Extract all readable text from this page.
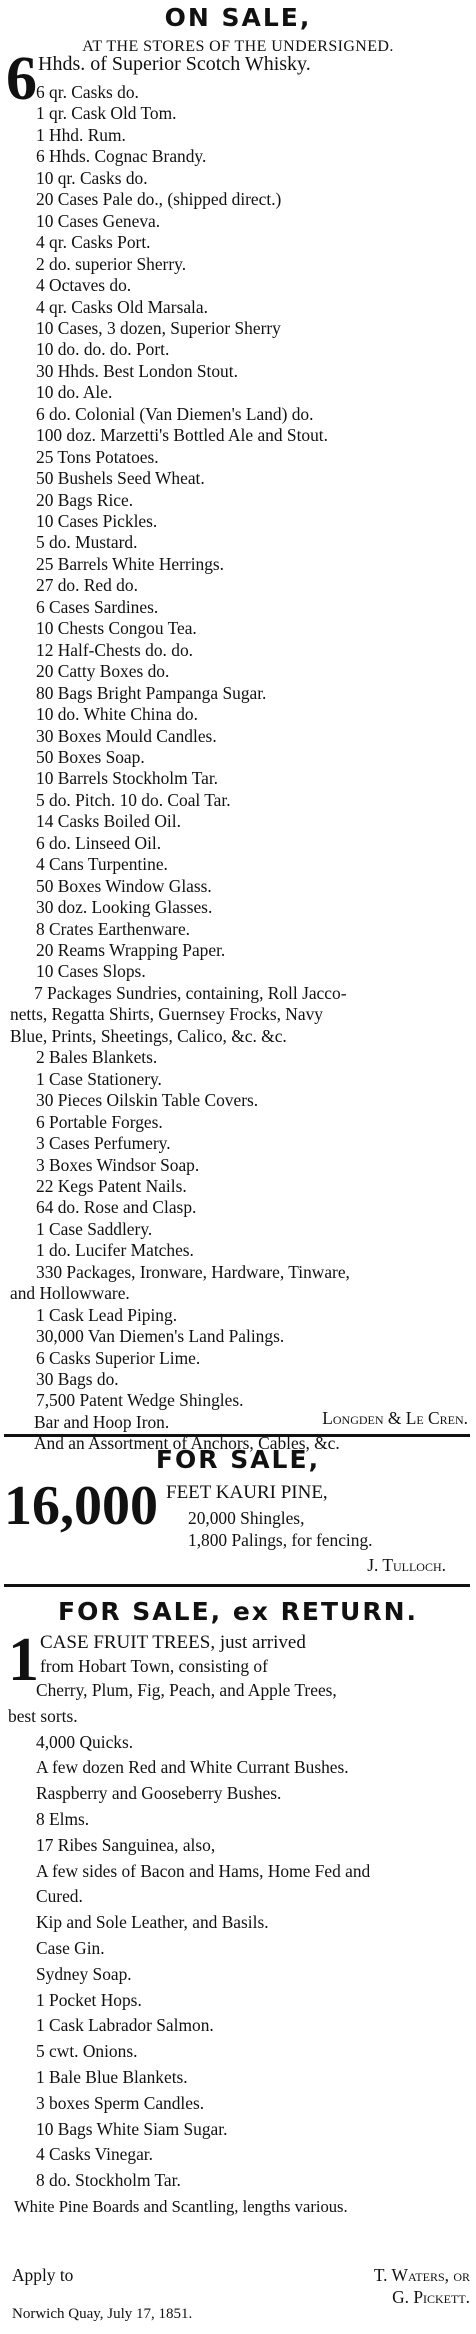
ON SALE,
AT THE STORES OF THE UNDERSIGNED.
6 Hhds. of Superior Scotch Whisky.
6 qr. Casks do.
1 qr. Cask Old Tom.
1 Hhd. Rum.
6 Hhds. Cognac Brandy.
10 qr. Casks do.
20 Cases Pale do., (shipped direct.)
10 Cases Geneva.
4 qr. Casks Port.
2 do. superior Sherry.
4 Octaves do.
4 qr. Casks Old Marsala.
10 Cases, 3 dozen, Superior Sherry
10 do. do. do. Port.
30 Hhds. Best London Stout.
10 do. Ale.
6 do. Colonial (Van Diemen's Land) do.
100 doz. Marzetti's Bottled Ale and Stout.
25 Tons Potatoes.
50 Bushels Seed Wheat.
20 Bags Rice.
10 Cases Pickles.
5 do. Mustard.
25 Barrels White Herrings.
27 do. Red do.
6 Cases Sardines.
10 Chests Congou Tea.
12 Half-Chests do. do.
20 Catty Boxes do.
80 Bags Bright Pampanga Sugar.
10 do. White China do.
30 Boxes Mould Candles.
50 Boxes Soap.
10 Barrels Stockholm Tar.
5 do. Pitch. 10 do. Coal Tar.
14 Casks Boiled Oil.
6 do. Linseed Oil.
4 Cans Turpentine.
50 Boxes Window Glass.
30 doz. Looking Glasses.
8 Crates Earthenware.
20 Reams Wrapping Paper.
10 Cases Slops.
7 Packages Sundries, containing, Roll Jacco-
netts, Regatta Shirts, Guernsey Frocks, Navy
Blue, Prints, Sheetings, Calico, &c. &c.
2 Bales Blankets.
1 Case Stationery.
30 Pieces Oilskin Table Covers.
6 Portable Forges.
3 Cases Perfumery.
3 Boxes Windsor Soap.
22 Kegs Patent Nails.
64 do. Rose and Clasp.
1 Case Saddlery.
1 do. Lucifer Matches.
330 Packages, Ironware, Hardware, Tinware,
and Hollowware.
1 Cask Lead Piping.
30,000 Van Diemen's Land Palings.
6 Casks Superior Lime.
30 Bags do.
7,500 Patent Wedge Shingles.
Bar and Hoop Iron.
And an Assortment of Anchors, Cables, &c.
Longden & Le Cren.
FOR SALE,
16,000 FEET KAURI PINE,
20,000 Shingles,
1,800 Palings, for fencing.
J. Tulloch.
FOR SALE, ex RETURN.
1 CASE FRUIT TREES, just arrived
from Hobart Town, consisting of
Cherry, Plum, Fig, Peach, and Apple Trees,
best sorts.
4,000 Quicks.
A few dozen Red and White Currant Bushes.
Raspberry and Gooseberry Bushes.
8 Elms.
17 Ribes Sanguinea, also,
A few sides of Bacon and Hams, Home Fed and
Cured.
Kip and Sole Leather, and Basils.
Case Gin.
Sydney Soap.
1 Pocket Hops.
1 Cask Labrador Salmon.
5 cwt. Onions.
1 Bale Blue Blankets.
3 boxes Sperm Candles.
10 Bags White Siam Sugar.
4 Casks Vinegar.
8 do. Stockholm Tar.
White Pine Boards and Scantling, lengths various.
Apply to	T. Waters, or
G. Pickett.
Norwich Quay, July 17, 1851.
